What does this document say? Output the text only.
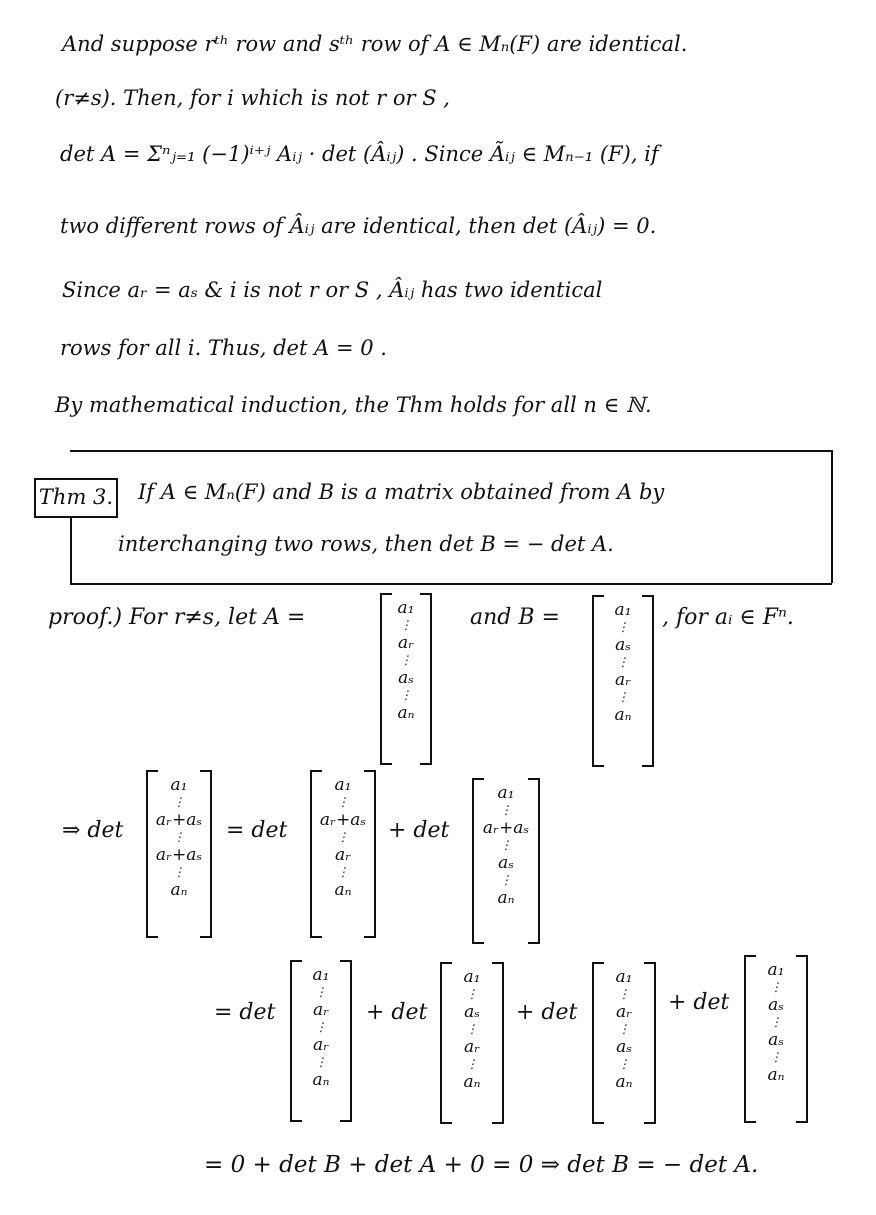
And suppose rᵗʰ row and sᵗʰ row of A ∈ Mₙ(F) are identical.
(r≠s). Then, for i which is not r or S ,
det A = Σⁿⱼ₌₁ (−1)ⁱ⁺ʲ Aᵢⱼ · det (Âᵢⱼ) . Since Ãᵢⱼ ∈ Mₙ₋₁ (F), if
two different rows of Âᵢⱼ are identical, then det (Âᵢⱼ) = 0.
Since aᵣ = aₛ & i is not r or S , Âᵢⱼ has two identical
rows for all i. Thus, det A = 0 .
By mathematical induction, the Thm holds for all n ∈ ℕ.
Thm 3. If A ∈ Mₙ(F) and B is a matrix obtained from A by
interchanging two rows, then det B = − det A.
proof.) For r≠s, let A =	a₁
⋮
aᵣ
⋮
aₛ
⋮
aₙ
and B =	a₁
⋮
aₛ
⋮
aᵣ
⋮
aₙ
, for aᵢ ∈ Fⁿ.
⇒ det
a₁
⋮
aᵣ+aₛ
⋮
aᵣ+aₛ
⋮
aₙ
= det
a₁
⋮
aᵣ+aₛ
⋮
aᵣ
⋮
aₙ
+ det
a₁
⋮
aᵣ+aₛ
⋮
aₛ
⋮
aₙ
= det
a₁
⋮
aᵣ
⋮
aᵣ
⋮
aₙ
+ det
a₁
⋮
aₛ
⋮
aᵣ
⋮
aₙ
+ det
a₁
⋮
aᵣ
⋮
aₛ
⋮
aₙ
+ det
a₁
⋮
aₛ
⋮
aₛ
⋮
aₙ
= 0 + det B + det A + 0 = 0 ⇒ det B = − det A.
